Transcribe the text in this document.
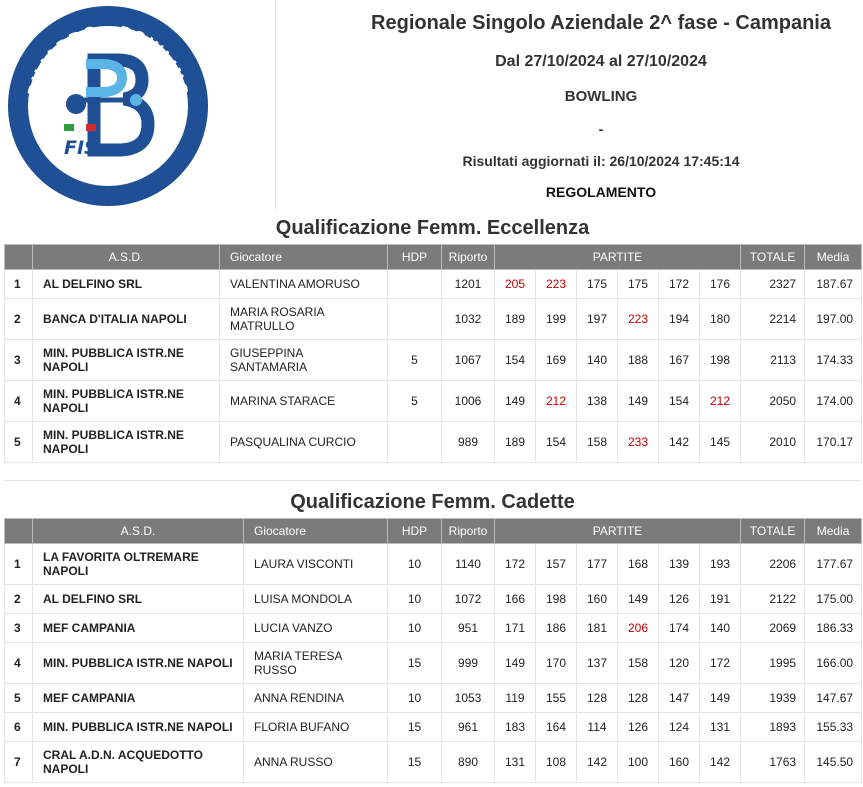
BILIARDO · BOWLING
FIS
Regionale Singolo Aziendale 2^ fase - Campania
Dal 27/10/2024 al 27/10/2024
BOWLING
-
Risultati aggiornati il: 26/10/2024 17:45:14
REGOLAMENTO
Qualificazione Femm. Eccellenza
	A.S.D.	Giocatore	HDP	Riporto	PARTITE						TOTALE	Media
1	AL DELFINO SRL	VALENTINA AMORUSO		1201	205	223	175	175	172	176	2327	187.67
2	BANCA D'ITALIA NAPOLI	MARIA ROSARIA MATRULLO		1032	189	199	197	223	194	180	2214	197.00
3	MIN. PUBBLICA ISTR.NE NAPOLI	GIUSEPPINA SANTAMARIA	5	1067	154	169	140	188	167	198	2113	174.33
4	MIN. PUBBLICA ISTR.NE NAPOLI	MARINA STARACE	5	1006	149	212	138	149	154	212	2050	174.00
5	MIN. PUBBLICA ISTR.NE NAPOLI	PASQUALINA CURCIO		989	189	154	158	233	142	145	2010	170.17
Qualificazione Femm. Cadette
	A.S.D.	Giocatore	HDP	Riporto	PARTITE						TOTALE	Media
1	LA FAVORITA OLTREMARE NAPOLI	LAURA VISCONTI	10	1140	172	157	177	168	139	193	2206	177.67
2	AL DELFINO SRL	LUISA MONDOLA	10	1072	166	198	160	149	126	191	2122	175.00
3	MEF CAMPANIA	LUCIA VANZO	10	951	171	186	181	206	174	140	2069	186.33
4	MIN. PUBBLICA ISTR.NE NAPOLI	MARIA TERESA RUSSO	15	999	149	170	137	158	120	172	1995	166.00
5	MEF CAMPANIA	ANNA RENDINA	10	1053	119	155	128	128	147	149	1939	147.67
6	MIN. PUBBLICA ISTR.NE NAPOLI	FLORIA BUFANO	15	961	183	164	114	126	124	131	1893	155.33
7	CRAL A.D.N. ACQUEDOTTO NAPOLI	ANNA RUSSO	15	890	131	108	142	100	160	142	1763	145.50
